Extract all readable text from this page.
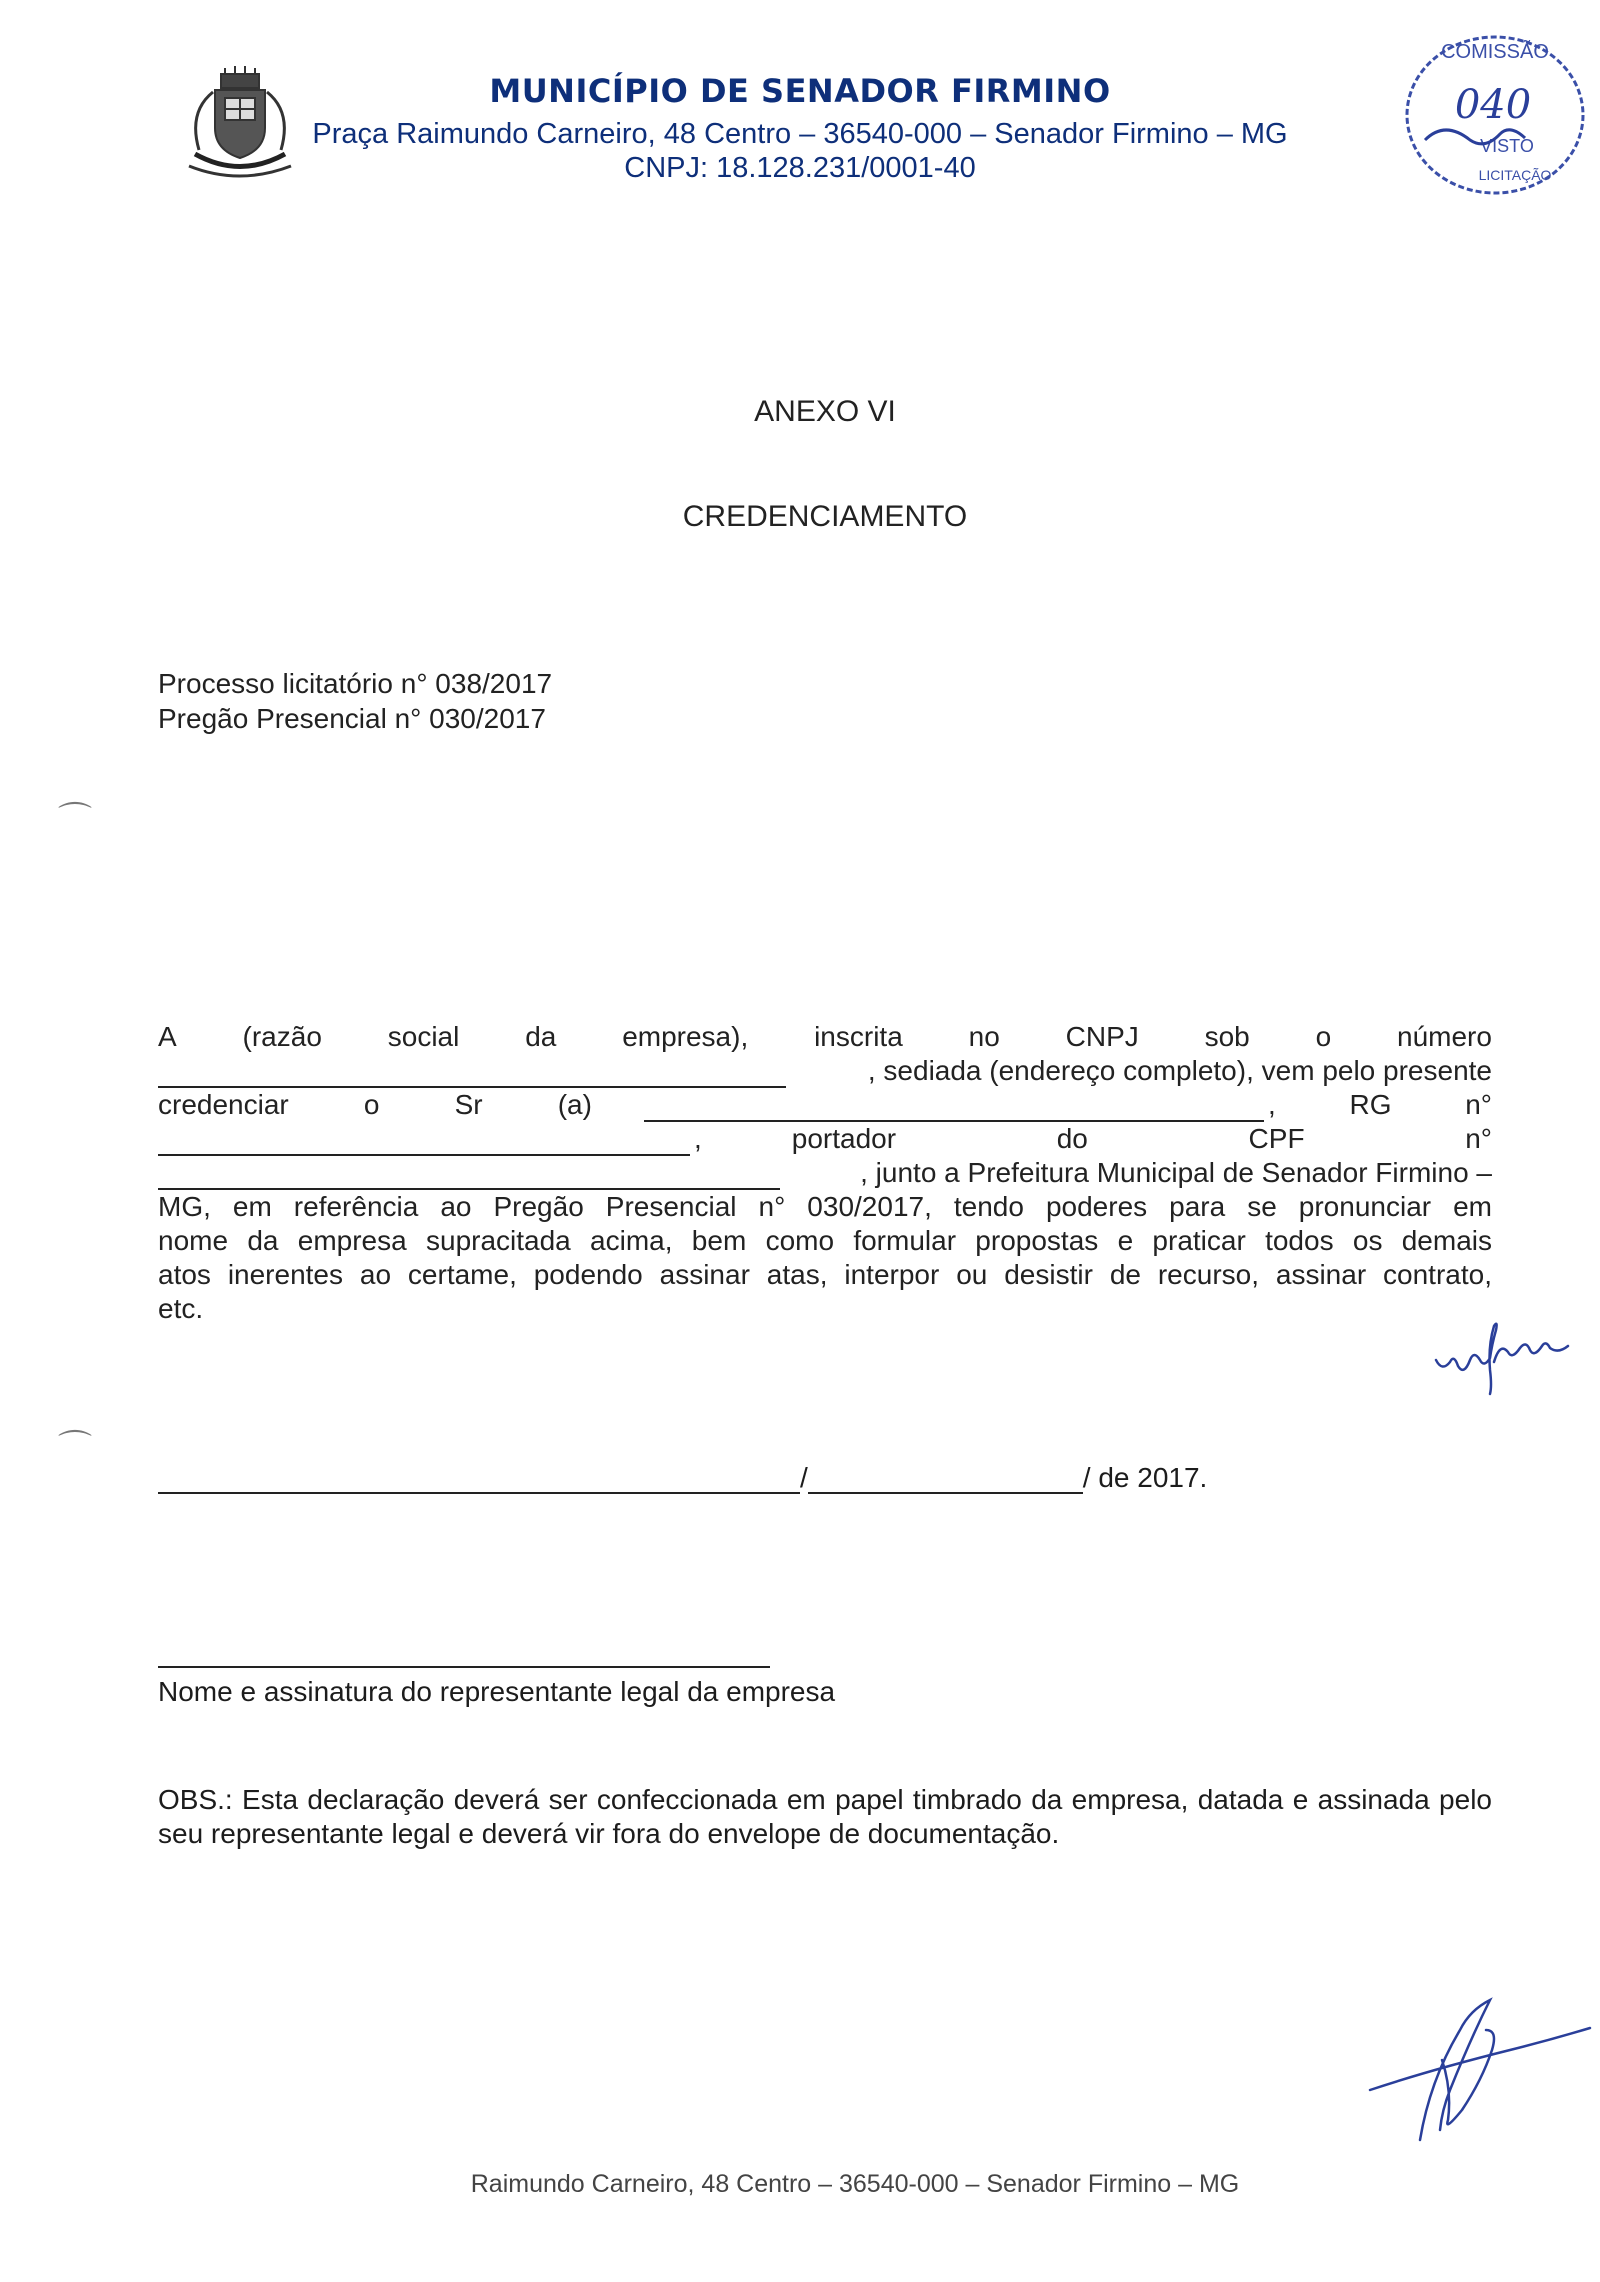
MUNICÍPIO DE SENADOR FIRMINO
Praça Raimundo Carneiro, 48 Centro – 36540-000 – Senador Firmino – MG
CNPJ: 18.128.231/0001-40
COMISSÃO
040
VISTO
LICITAÇÃO
ANEXO VI
CREDENCIAMENTO
Processo licitatório n° 038/2017
Pregão Presencial n° 030/2017
⌒
⌒
A (razão social da empresa), inscrita no CNPJ sob o número
, sediada (endereço completo), vem pelo presente
credenciar	o	Sr	(a)	,	RG	n°
,	portador	do	CPF	n°
, junto a Prefeitura Municipal de Senador Firmino –
MG, em referência ao Pregão Presencial n° 030/2017, tendo poderes para se pronunciar em
nome da empresa supracitada acima, bem como formular propostas e praticar todos os demais
atos inerentes ao certame, podendo assinar atas, interpor ou desistir de recurso, assinar contrato,
etc.
/	/ de 2017.
Nome e assinatura do representante legal da empresa
OBS.: Esta declaração deverá ser confeccionada em papel timbrado da empresa, datada e assinada pelo seu representante legal e deverá vir fora do envelope de documentação.
Raimundo Carneiro, 48 Centro – 36540-000 – Senador Firmino – MG
